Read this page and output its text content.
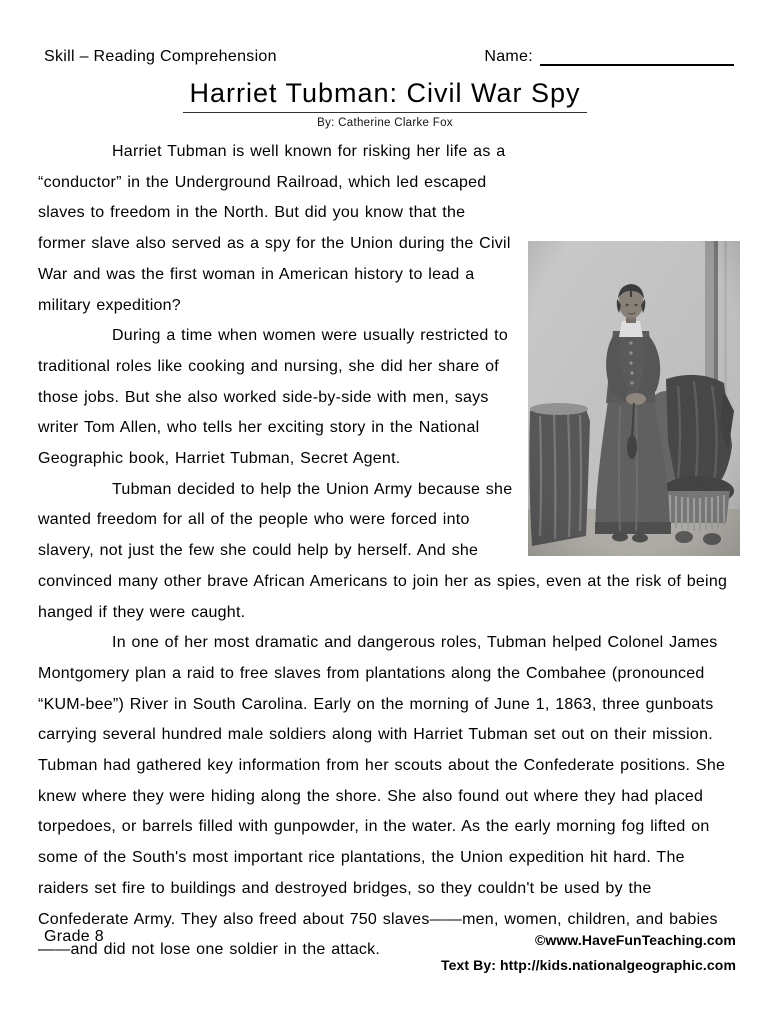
Skill – Reading Comprehension	Name:
Harriet Tubman: Civil War Spy
By: Catherine Clarke Fox

Harriet Tubman is well known for risking her life as a “conductor” in the Underground Railroad, which led escaped slaves to freedom in the North. But did you know that the former slave also served as a spy for the Union during the Civil War and was the first woman in American history to lead a military expedition?

During a time when women were usually restricted to traditional roles like cooking and nursing, she did her share of those jobs. But she also worked side-by-side with men, says writer Tom Allen, who tells her exciting story in the National Geographic book, Harriet Tubman, Secret Agent.

Tubman decided to help the Union Army because she wanted freedom for all of the people who were forced into slavery, not just the few she could help by herself. And she convinced many other brave African Americans to join her as spies, even at the risk of being hanged if they were caught.

In one of her most dramatic and dangerous roles, Tubman helped Colonel James Montgomery plan a raid to free slaves from plantations along the Combahee (pronounced “KUM-bee”) River in South Carolina. Early on the morning of June 1, 1863, three gunboats carrying several hundred male soldiers along with Harriet Tubman set out on their mission. Tubman had gathered key information from her scouts about the Confederate positions. She knew where they were hiding along the shore. She also found out where they had placed torpedoes, or barrels filled with gunpowder, in the water. As the early morning fog lifted on some of the South's most important rice plantations, the Union expedition hit hard. The raiders set fire to buildings and destroyed bridges, so they couldn't be used by the Confederate Army. They also freed about 750 slaves——men, women, children, and babies——and did not lose one soldier in the attack.

Grade 8	©www.HaveFunTeaching.com
Text By: http://kids.nationalgeographic.com
